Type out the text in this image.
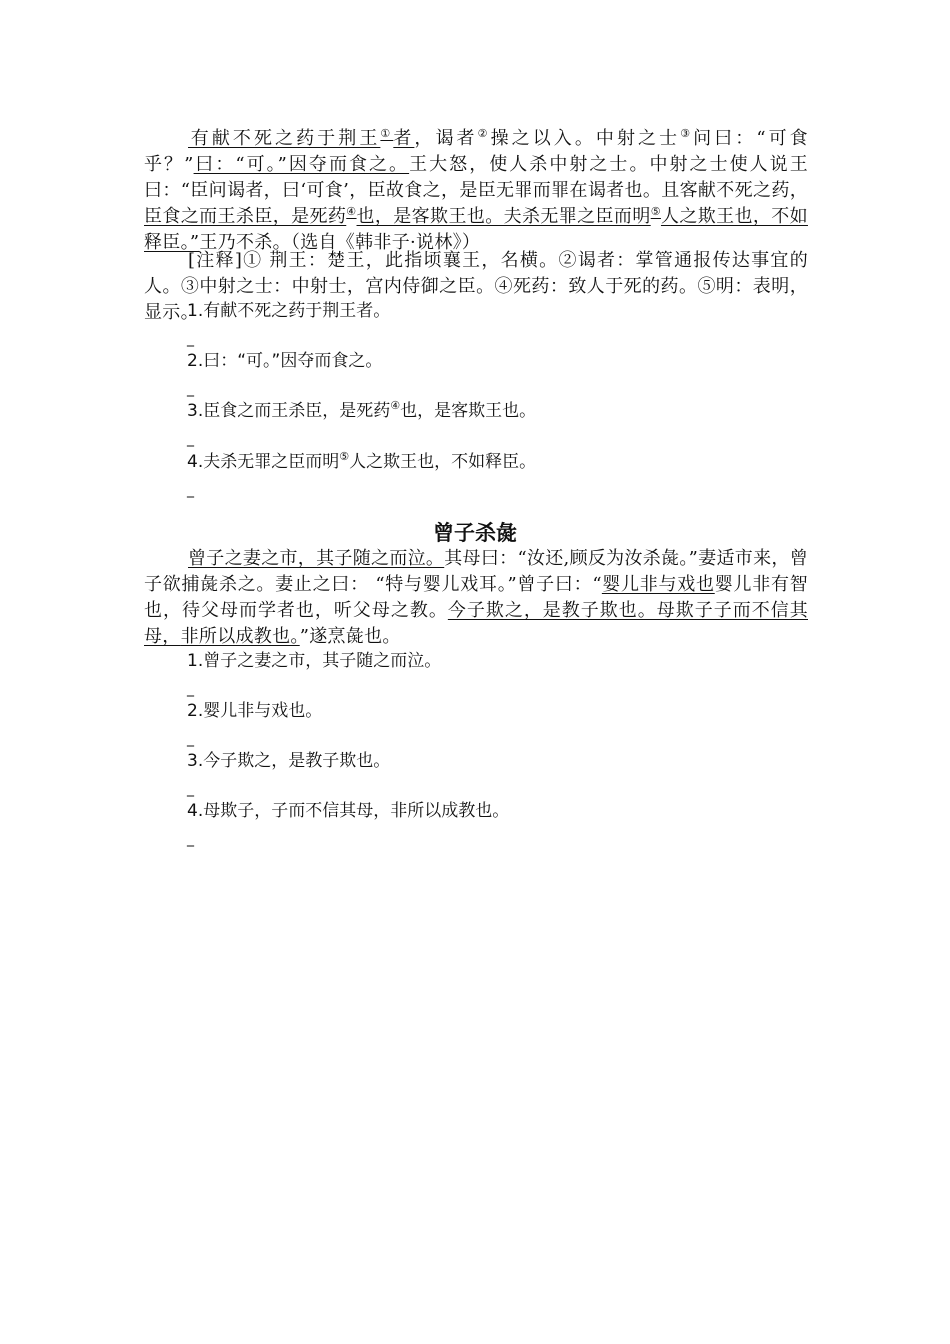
有献不死之药于荆王①者，谒者②操之以入。中射之士③问曰：“可食乎？”曰：“可。”因夺而食之。王大怒，使人杀中射之士。中射之士使人说王曰：“臣问谒者，曰‘可食’，臣故食之，是臣无罪而罪在谒者也。且客献不死之药，臣食之而王杀臣，是死药④也，是客欺王也。夫杀无罪之臣而明⑤人之欺王也，不如释臣。”王乃不杀。（选自《韩非子·说林》）

[注释]① 荆王：楚王，此指顷襄王，名横。②谒者：掌管通报传达事宜的人。③中射之士：中射士，宫内侍御之臣。④死药：致人于死的药。⑤明：表明，显示。

1.有献不死之药于荆王者。

_

2.曰：“可。”因夺而食之。

_

3.臣食之而王杀臣，是死药④也，是客欺王也。

_

4.夫杀无罪之臣而明⑤人之欺王也，不如释臣。

_

曾子杀彘

曾子之妻之市，其子随之而泣。其母曰：“汝还,顾反为汝杀彘。”妻适市来，曾子欲捕彘杀之。妻止之曰： “特与婴儿戏耳。”曾子曰：“婴儿非与戏也婴儿非有智也，待父母而学者也，听父母之教。今子欺之，是教子欺也。母欺子子而不信其母，非所以成教也。”遂烹彘也。

1.曾子之妻之市，其子随之而泣。

_

2.婴儿非与戏也。

_

3.今子欺之，是教子欺也。

_

4.母欺子，子而不信其母，非所以成教也。

_
